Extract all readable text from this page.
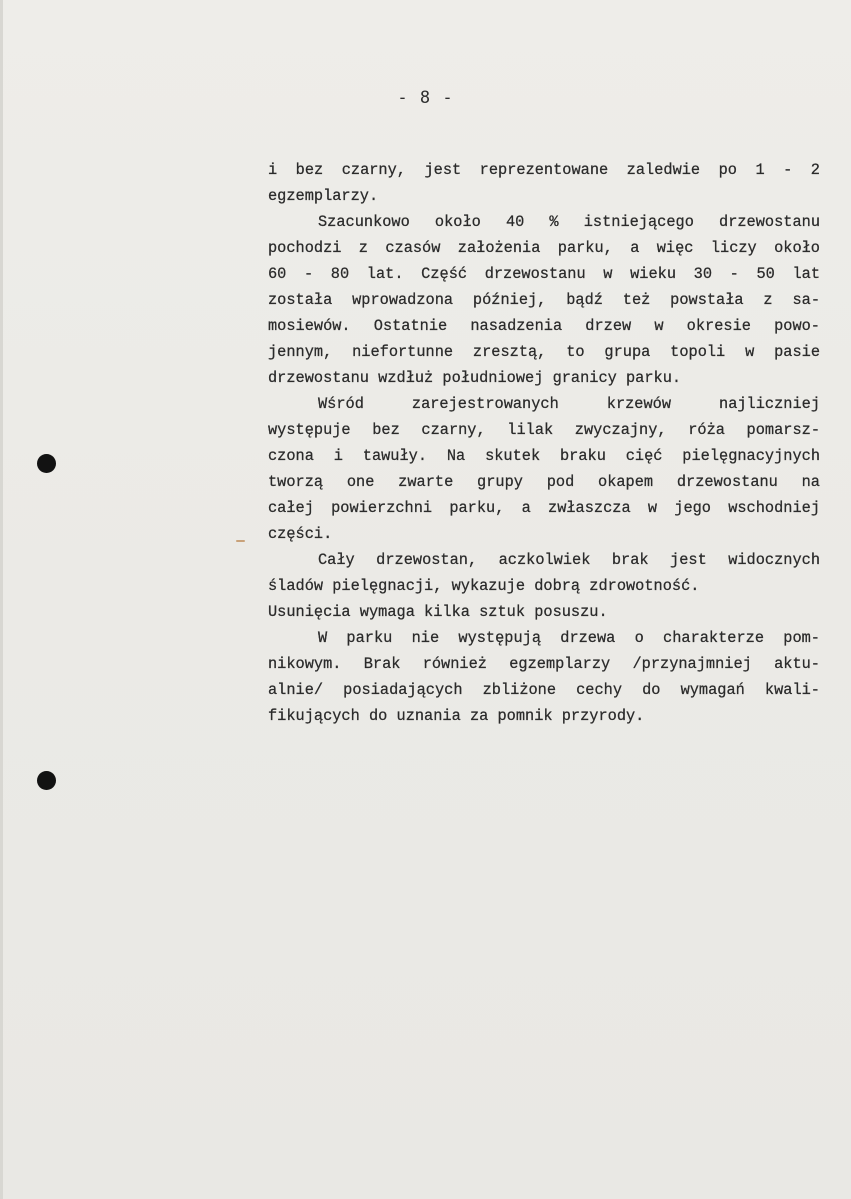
- 8 -
i bez czarny, jest reprezentowane zaledwie po 1 - 2
egzemplarzy.
Szacunkowo około 40 % istniejącego drzewostanu
pochodzi z czasów założenia parku, a więc liczy około
60 - 80 lat. Część drzewostanu w wieku 30 - 50 lat
została wprowadzona później, bądź też powstała z sa-
mosiewów. Ostatnie nasadzenia drzew w okresie powo-
jennym, niefortunne zresztą, to grupa topoli w pasie
drzewostanu wzdłuż południowej granicy parku.
Wśród zarejestrowanych krzewów najliczniej
występuje bez czarny, lilak zwyczajny, róża pomarsz-
czona i tawuły. Na skutek braku cięć pielęgnacyjnych
tworzą one zwarte grupy pod okapem drzewostanu na
całej powierzchni parku, a zwłaszcza w jego wschodniej
części.
Cały drzewostan, aczkolwiek brak jest widocznych
śladów pielęgnacji, wykazuje dobrą zdrowotność.
Usunięcia wymaga kilka sztuk posuszu.
W parku nie występują drzewa o charakterze pom-
nikowym. Brak również egzemplarzy /przynajmniej aktu-
alnie/ posiadających zbliżone cechy do wymagań kwali-
fikujących do uznania za pomnik przyrody.
